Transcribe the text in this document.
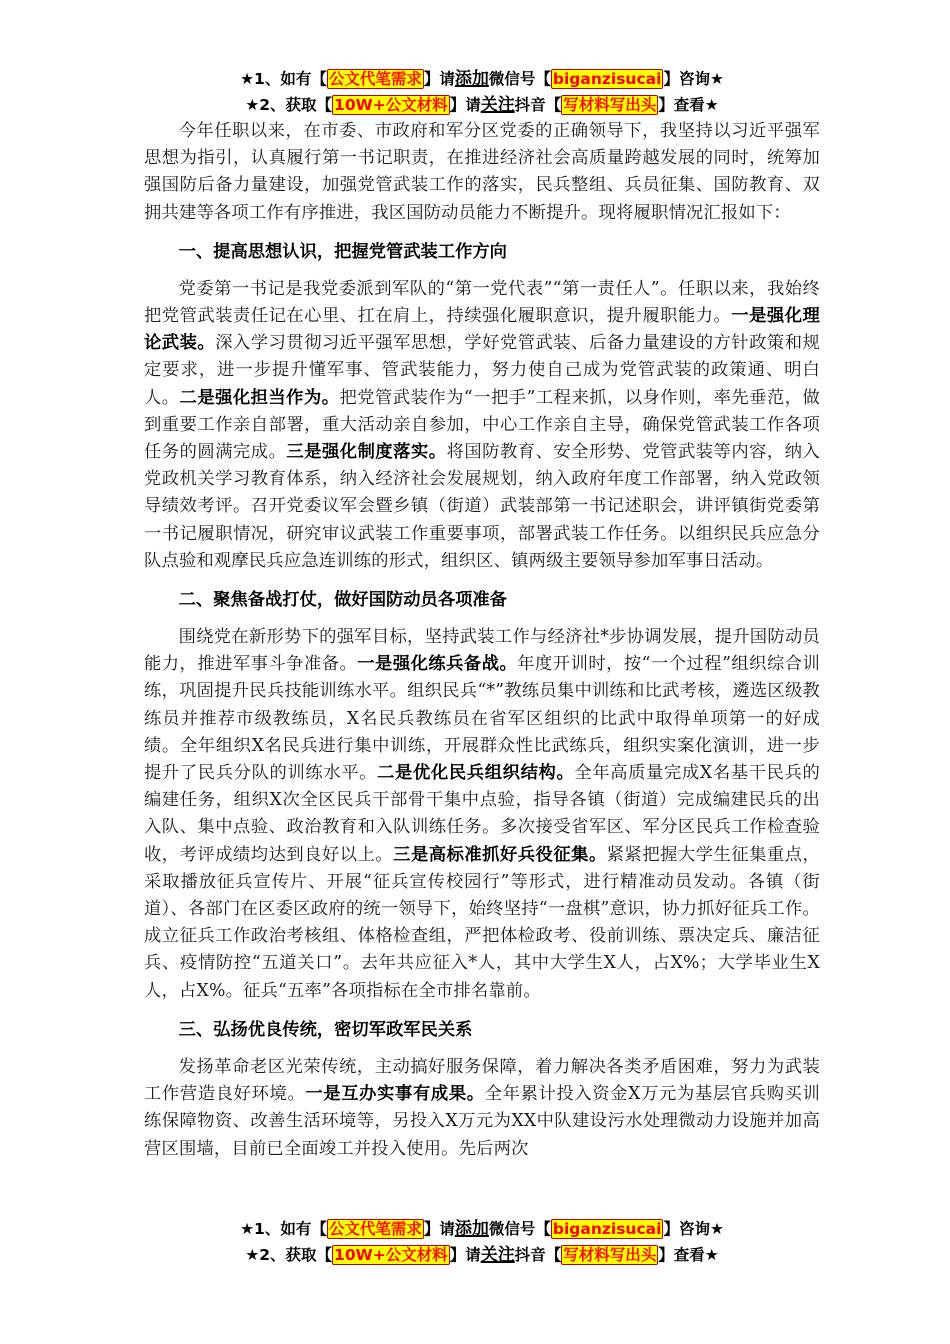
★1、如有【 公文代笔需求 】请添加微信号【 biganzisucai 】咨询★
★2、获取【 10W+公文材料 】请关注抖音【 写材料写出头 】查看★

今年任职以来，在市委、市政府和军分区党委的正确领导下，我坚持以习近平强军思想为指引，认真履行第一书记职责，在推进经济社会高质量跨越发展的同时，统筹加强国防后备力量建设，加强党管武装工作的落实，民兵整组、兵员征集、国防教育、双拥共建等各项工作有序推进，我区国防动员能力不断提升。现将履职情况汇报如下：

一、提高思想认识，把握党管武装工作方向

党委第一书记是我党委派到军队的“第一党代表”“第一责任人”。任职以来，我始终把党管武装责任记在心里、扛在肩上，持续强化履职意识，提升履职能力。一是强化理论武装。深入学习贯彻习近平强军思想，学好党管武装、后备力量建设的方针政策和规定要求，进一步提升懂军事、管武装能力，努力使自己成为党管武装的政策通、明白人。二是强化担当作为。把党管武装作为“一把手”工程来抓，以身作则，率先垂范，做到重要工作亲自部署，重大活动亲自参加，中心工作亲自主导，确保党管武装工作各项任务的圆满完成。三是强化制度落实。将国防教育、安全形势、党管武装等内容，纳入党政机关学习教育体系，纳入经济社会发展规划，纳入政府年度工作部署，纳入党政领导绩效考评。召开党委议军会暨乡镇（街道）武装部第一书记述职会，讲评镇街党委第一书记履职情况，研究审议武装工作重要事项，部署武装工作任务。以组织民兵应急分队点验和观摩民兵应急连训练的形式，组织区、镇两级主要领导参加军事日活动。

二、聚焦备战打仗，做好国防动员各项准备

围绕党在新形势下的强军目标，坚持武装工作与经济社*步协调发展，提升国防动员能力，推进军事斗争准备。一是强化练兵备战。年度开训时，按“一个过程”组织综合训练，巩固提升民兵技能训练水平。组织民兵“*”教练员集中训练和比武考核，遴选区级教练员并推荐市级教练员，X名民兵教练员在省军区组织的比武中取得单项第一的好成绩。全年组织X名民兵进行集中训练，开展群众性比武练兵，组织实案化演训，进一步提升了民兵分队的训练水平。二是优化民兵组织结构。全年高质量完成X名基干民兵的编建任务，组织X次全区民兵干部骨干集中点验，指导各镇（街道）完成编建民兵的出入队、集中点验、政治教育和入队训练任务。多次接受省军区、军分区民兵工作检查验收，考评成绩均达到良好以上。三是高标准抓好兵役征集。紧紧把握大学生征集重点，采取播放征兵宣传片、开展“征兵宣传校园行”等形式，进行精准动员发动。各镇（街道）、各部门在区委区政府的统一领导下，始终坚持“一盘棋”意识，协力抓好征兵工作。成立征兵工作政治考核组、体格检查组，严把体检政考、役前训练、票决定兵、廉洁征兵、疫情防控“五道关口”。去年共应征入*人，其中大学生X人，占X%；大学毕业生X人，占X%。征兵“五率”各项指标在全市排名靠前。

三、弘扬优良传统，密切军政军民关系

发扬革命老区光荣传统，主动搞好服务保障，着力解决各类矛盾困难，努力为武装工作营造良好环境。一是互办实事有成果。全年累计投入资金X万元为基层官兵购买训练保障物资、改善生活环境等，另投入X万元为XX中队建设污水处理微动力设施并加高营区围墙，目前已全面竣工并投入使用。先后两次

★1、如有【 公文代笔需求 】请添加微信号【 biganzisucai 】咨询★
★2、获取【 10W+公文材料 】请关注抖音【 写材料写出头 】查看★
